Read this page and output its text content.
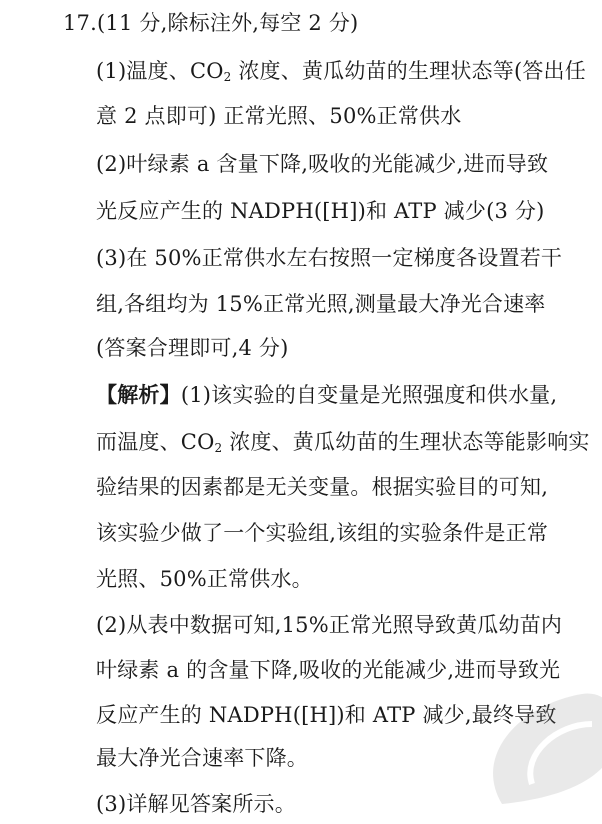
17.(11 分,除标注外,每空 2 分)
(1)温度、$CO_2$ 浓度、黄瓜幼苗的生理状态等(答出任
意 2 点即可) 正常光照、50%正常供水
(2)叶绿素 a 含量下降,吸收的光能减少,进而导致
光反应产生的 NADPH([H])和 ATP 减少(3 分)
(3)在 50%正常供水左右按照一定梯度各设置若干
组,各组均为 15%正常光照,测量最大净光合速率
(答案合理即可,4 分)
【解析】(1)该实验的自变量是光照强度和供水量,
而温度、$CO_2$ 浓度、黄瓜幼苗的生理状态等能影响实
验结果的因素都是无关变量。根据实验目的可知,
该实验少做了一个实验组,该组的实验条件是正常
光照、50%正常供水。
(2)从表中数据可知,15%正常光照导致黄瓜幼苗内
叶绿素 a 的含量下降,吸收的光能减少,进而导致光
反应产生的 NADPH([H])和 ATP 减少,最终导致
最大净光合速率下降。
(3)详解见答案所示。
